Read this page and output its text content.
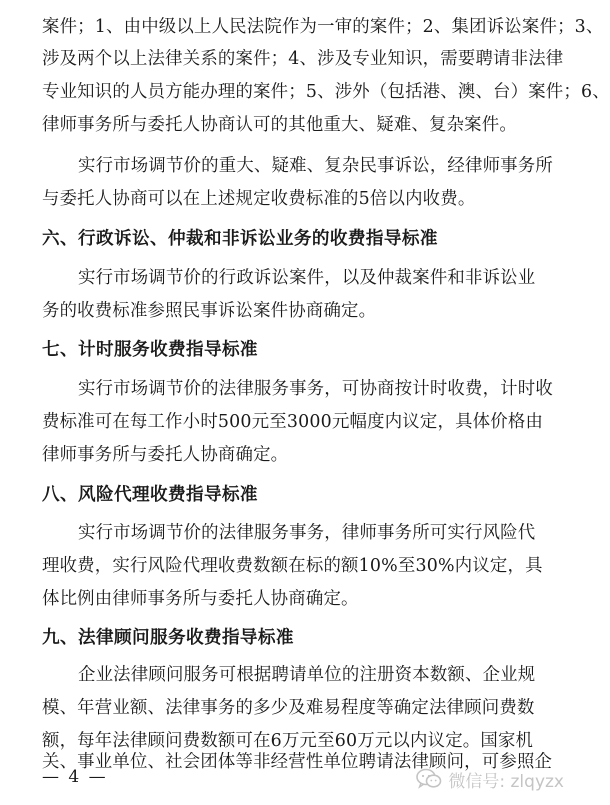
案件；1、由中级以上人民法院作为一审的案件；2、集团诉讼案件；3、
涉及两个以上法律关系的案件；4、涉及专业知识，需要聘请非法律
专业知识的人员方能办理的案件；5、涉外（包括港、澳、台）案件；6、
律师事务所与委托人协商认可的其他重大、疑难、复杂案件。
实行市场调节价的重大、疑难、复杂民事诉讼，经律师事务所
与委托人协商可以在上述规定收费标准的5倍以内收费。
六、行政诉讼、仲裁和非诉讼业务的收费指导标准
实行市场调节价的行政诉讼案件，以及仲裁案件和非诉讼业
务的收费标准参照民事诉讼案件协商确定。
七、计时服务收费指导标准
实行市场调节价的法律服务事务，可协商按计时收费，计时收
费标准可在每工作小时500元至3000元幅度内议定，具体价格由
律师事务所与委托人协商确定。
八、风险代理收费指导标准
实行市场调节价的法律服务事务，律师事务所可实行风险代
理收费，实行风险代理收费数额在标的额10%至30%内议定，具
体比例由律师事务所与委托人协商确定。
九、法律顾问服务收费指导标准
企业法律顾问服务可根据聘请单位的注册资本数额、企业规
模、年营业额、法律事务的多少及难易程度等确定法律顾问费数
额，每年法律顾问费数额可在6万元至60万元以内议定。国家机
— 4 —	微信号: zlqyzx
关、事业单位、社会团体等非经营性单位聘请法律顾问，可参照企
